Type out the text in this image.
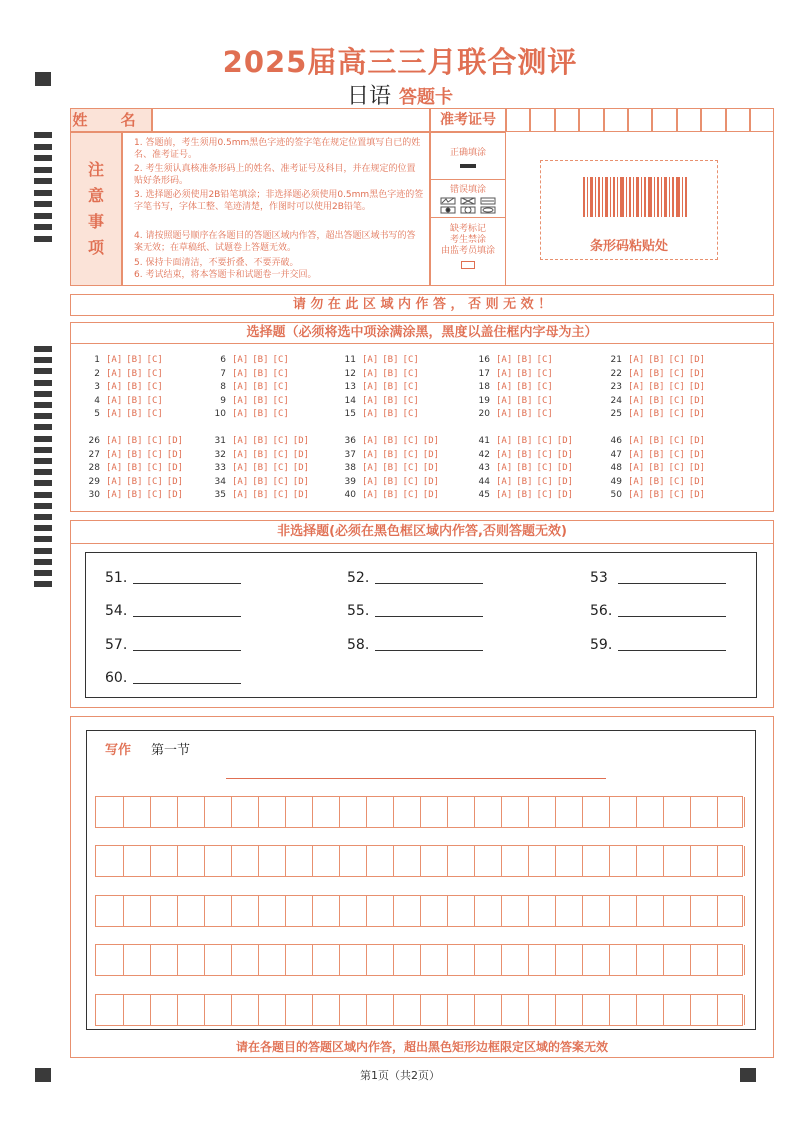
2025届高三三月联合测评
日语 答题卡
姓 名	准考证号
注
意
事
项
1. 答题前，考生须用0.5mm黑色字迹的签字笔在规定位置填写自已的姓名、准考证号。
2. 考生须认真核准条形码上的姓名、准考证号及科目，并在规定的位置贴好条形码。
3. 选择题必须使用2B铅笔填涂；非选择题必须使用0.5mm黑色字迹的签字笔书写，字体工整、笔迹清楚，作图时可以使用2B铅笔。
4. 请按照题号顺序在各题目的答题区域内作答，超出答题区域书写的答案无效；在草稿纸、试题卷上答题无效。
5. 保持卡面清洁，不要折叠、不要弄破。
6. 考试结束，将本答题卡和试题卷一并交回。
正确填涂
错误填涂
缺考标记
考生禁涂
由监考员填涂	条形码粘贴处
请 勿 在 此 区 域 内 作 答 ， 否 则 无 效 ！
选择题（必须将选中项涂满涂黑，黑度以盖住框内字母为主）
1 [A] [B] [C]
2 [A] [B] [C]
3 [A] [B] [C]
4 [A] [B] [C]
5 [A] [B] [C]
6 [A] [B] [C]
7 [A] [B] [C]
8 [A] [B] [C]
9 [A] [B] [C]
10 [A] [B] [C]
11 [A] [B] [C]
12 [A] [B] [C]
13 [A] [B] [C]
14 [A] [B] [C]
15 [A] [B] [C]
16 [A] [B] [C]
17 [A] [B] [C]
18 [A] [B] [C]
19 [A] [B] [C]
20 [A] [B] [C]
21 [A] [B] [C] [D]
22 [A] [B] [C] [D]
23 [A] [B] [C] [D]
24 [A] [B] [C] [D]
25 [A] [B] [C] [D]
26 [A] [B] [C] [D]
27 [A] [B] [C] [D]
28 [A] [B] [C] [D]
29 [A] [B] [C] [D]
30 [A] [B] [C] [D]
31 [A] [B] [C] [D]
32 [A] [B] [C] [D]
33 [A] [B] [C] [D]
34 [A] [B] [C] [D]
35 [A] [B] [C] [D]
36 [A] [B] [C] [D]
37 [A] [B] [C] [D]
38 [A] [B] [C] [D]
39 [A] [B] [C] [D]
40 [A] [B] [C] [D]
41 [A] [B] [C] [D]
42 [A] [B] [C] [D]
43 [A] [B] [C] [D]
44 [A] [B] [C] [D]
45 [A] [B] [C] [D]
46 [A] [B] [C] [D]
47 [A] [B] [C] [D]
48 [A] [B] [C] [D]
49 [A] [B] [C] [D]
50 [A] [B] [C] [D]
非选择题(必须在黑色框区域内作答,否则答题无效)
51.	52.	53
54.	55.	56.
57.	58.	59.
60.
写作 第一节
请在各题目的答题区域内作答，超出黑色矩形边框限定区域的答案无效
第1页（共2页）
